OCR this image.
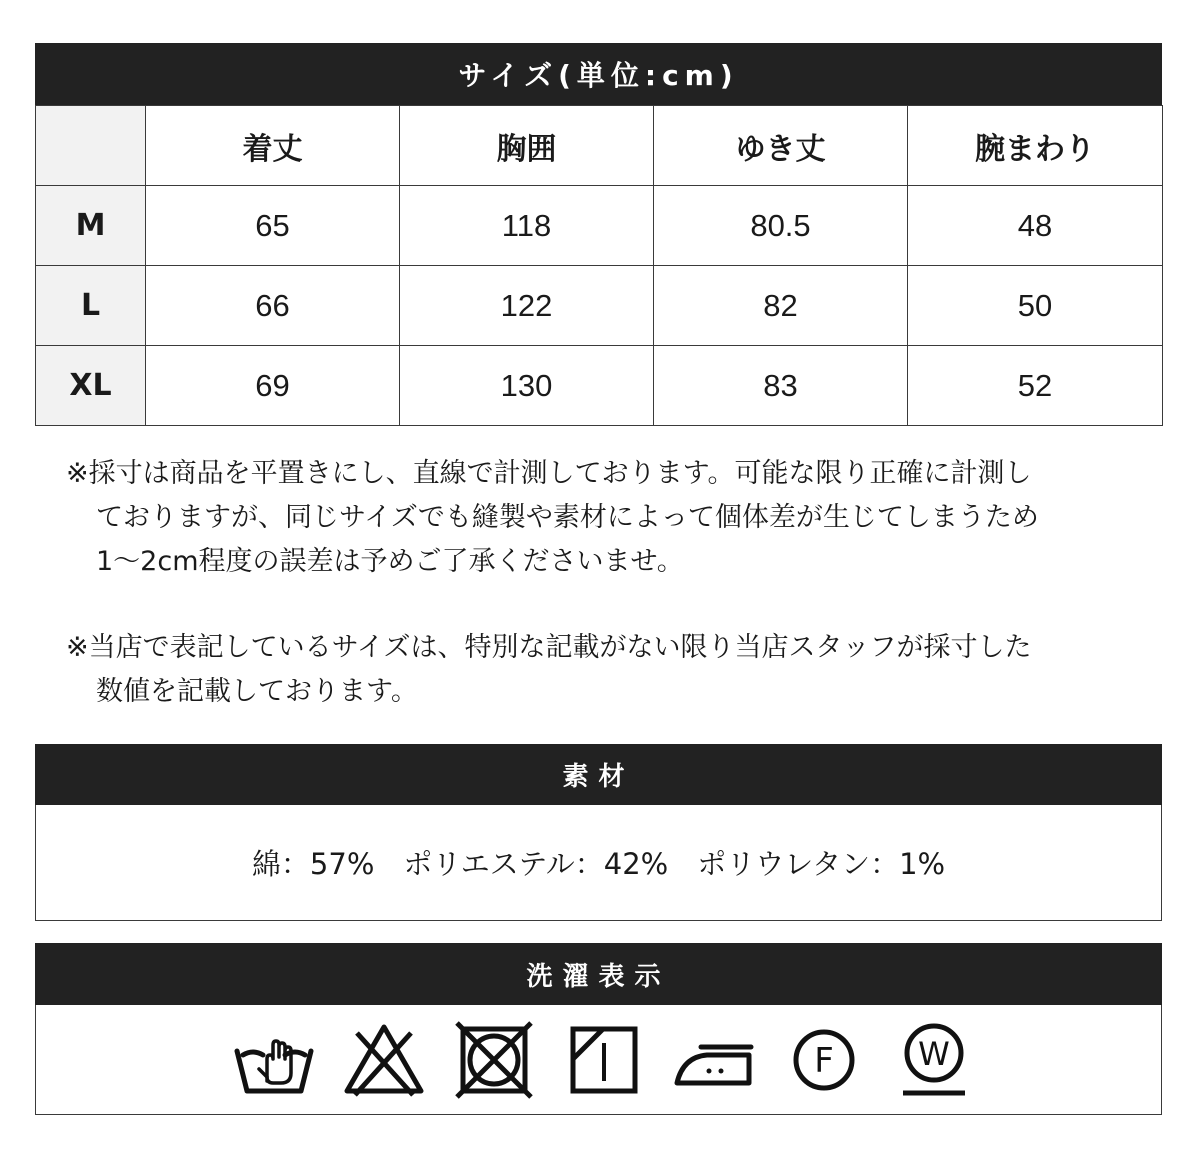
サイズ(単位:cm)
	着丈	胸囲	ゆき丈	腕まわり
M	65	118	80.5	48
L	66	122	82	50
XL	69	130	83	52
※採寸は商品を平置きにし、直線で計測しております。可能な限り正確に計測し
ておりますが、同じサイズでも縫製や素材によって個体差が生じてしまうため
1～2cm程度の誤差は予めご了承くださいませ。
※当店で表記しているサイズは、特別な記載がない限り当店スタッフが採寸した
数値を記載しております。
素材
綿：57%　ポリエステル：42%　ポリウレタン：1%
洗濯表示
F	W
